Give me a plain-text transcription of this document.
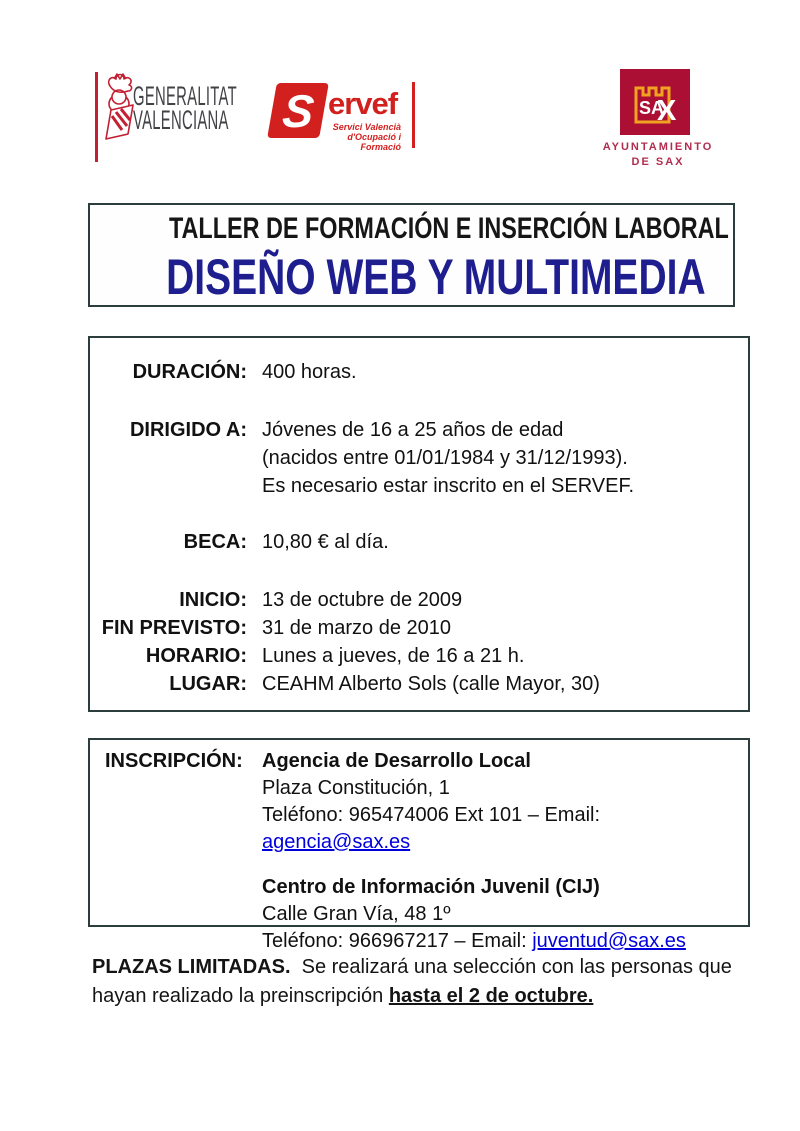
GENERALITAT
VALENCIANA S ervef
Servici Valencià
d'Ocupació i Formació
SA
X
AYUNTAMIENTO
DE SAX
TALLER DE FORMACIÓN E INSERCIÓN LABORAL
DISEÑO WEB Y MULTIMEDIA
DURACIÓN: 400 horas.
DIRIGIDO A: Jóvenes de 16 a 25 años de edad
(nacidos entre 01/01/1984 y 31/12/1993).
Es necesario estar inscrito en el SERVEF.
BECA: 10,80 € al día.
INICIO: 13 de octubre de 2009
FIN PREVISTO: 31 de marzo de 2010
HORARIO: Lunes a jueves, de 16 a 21 h.
LUGAR: CEAHM Alberto Sols (calle Mayor, 30)
INSCRIPCIÓN: Agencia de Desarrollo Local
Plaza Constitución, 1
Teléfono: 965474006 Ext 101 – Email: agencia@sax.es
Centro de Información Juvenil (CIJ)
Calle Gran Vía, 48 1º
Teléfono: 966967217 – Email: juventud@sax.es

PLAZAS LIMITADAS.  Se realizará una selección con las personas que hayan realizado la preinscripción hasta el 2 de octubre.
